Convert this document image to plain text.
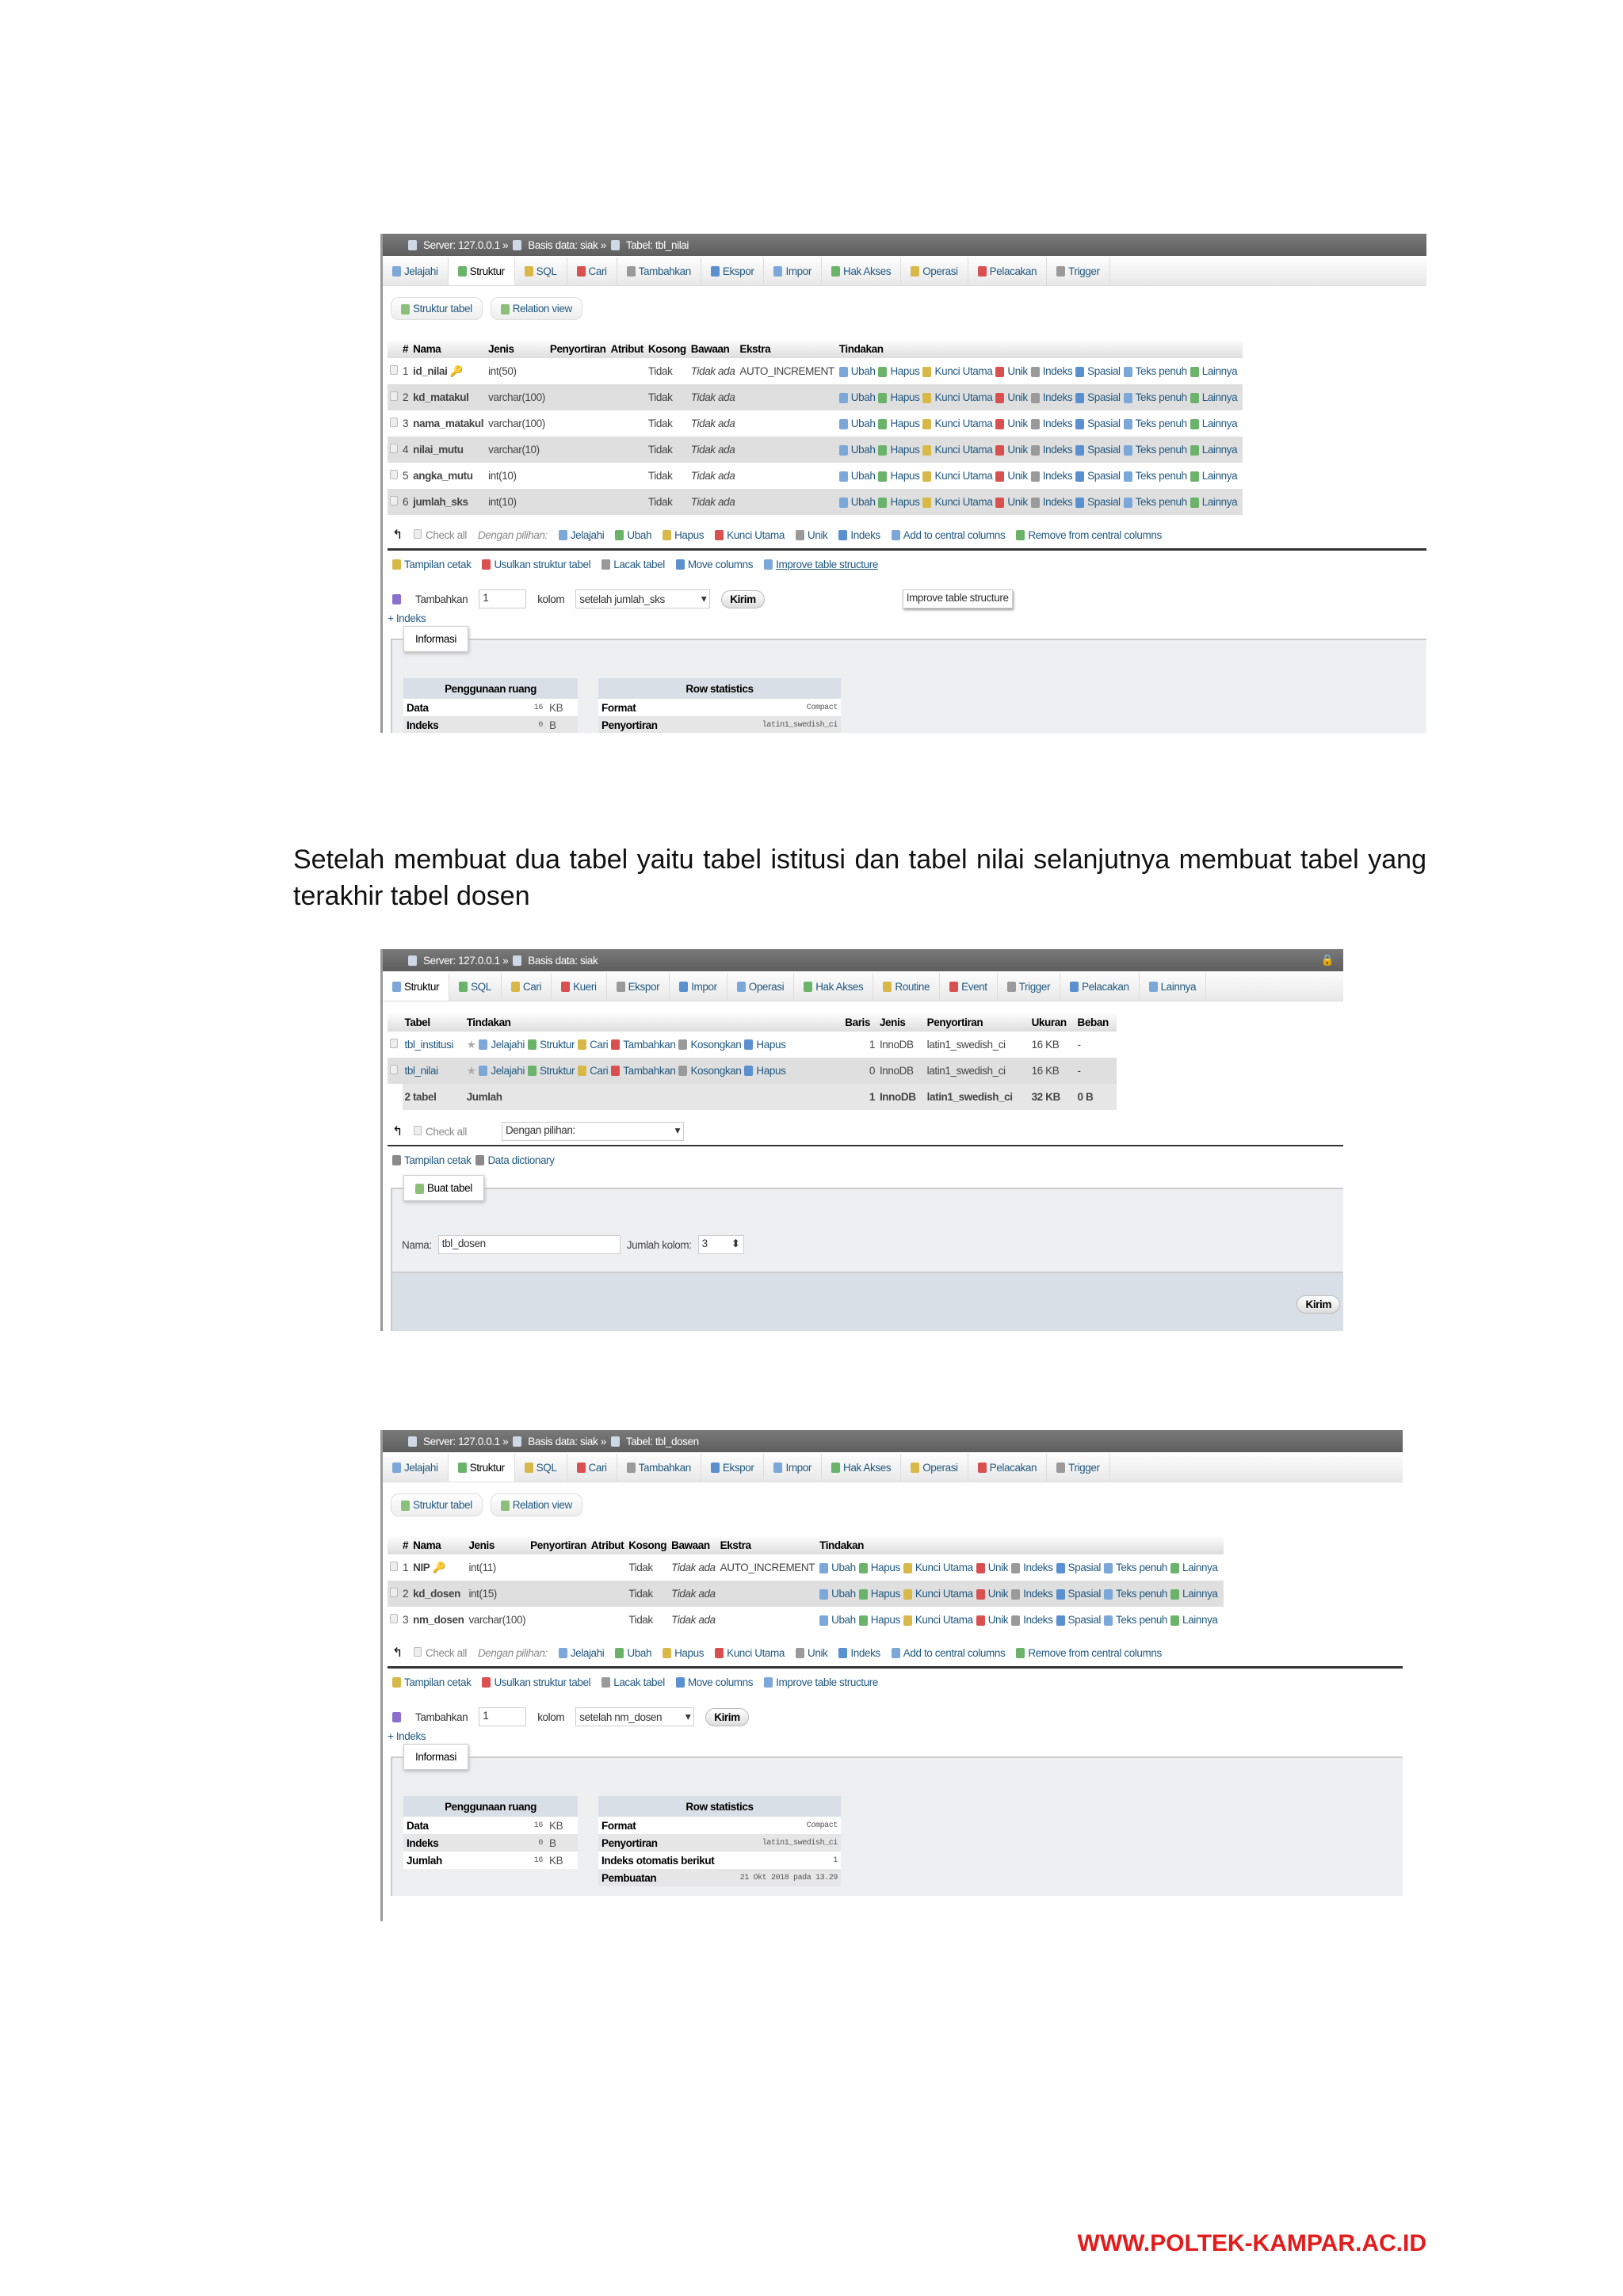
Server: 127.0.0.1 » Basis data: siak » Tabel: tbl_nilai
Jelajahi	Struktur	SQL	Cari	Tambahkan	Ekspor	Impor	Hak Akses	Operasi	Pelacakan	Trigger
Struktur tabel	Relation view
	#	Nama	Jenis	Penyortiran	Atribut	Kosong	Bawaan	Ekstra	Tindakan
	1	id_nilai 🔑	int(50)			Tidak	Tidak ada	AUTO_INCREMENT	Ubah Hapus Kunci Utama Unik Indeks Spasial Teks penuh Lainnya
	2	kd_matakul	varchar(100)			Tidak	Tidak ada		Ubah Hapus Kunci Utama Unik Indeks Spasial Teks penuh Lainnya
	3	nama_matakul	varchar(100)			Tidak	Tidak ada		Ubah Hapus Kunci Utama Unik Indeks Spasial Teks penuh Lainnya
	4	nilai_mutu	varchar(10)			Tidak	Tidak ada		Ubah Hapus Kunci Utama Unik Indeks Spasial Teks penuh Lainnya
	5	angka_mutu	int(10)			Tidak	Tidak ada		Ubah Hapus Kunci Utama Unik Indeks Spasial Teks penuh Lainnya
	6	jumlah_sks	int(10)			Tidak	Tidak ada		Ubah Hapus Kunci Utama Unik Indeks Spasial Teks penuh Lainnya
↰	Check all Dengan pilihan:	Jelajahi	Ubah	Hapus	Kunci Utama	Unik	Indeks	Add to central columns	Remove from central columns
Tampilan cetak	Usulkan struktur tabel	Lacak tabel	Move columns	Improve table structure
Tambahkan	1	kolom setelah jumlah_sks	▾	Kirim	Improve table structure
+ Indeks
Informasi
Penggunaan ruang		
Data	16	KB
Indeks	0	B
Row statistics	
Format	Compact
Penyortiran	latin1_swedish_ci

Setelah membuat dua tabel yaitu tabel istitusi dan tabel nilai selanjutnya membuat tabel yang terakhir tabel dosen

Server: 127.0.0.1 » Basis data: siak	🔒
Struktur	SQL	Cari	Kueri	Ekspor	Impor	Operasi	Hak Akses	Routine	Event	Trigger	Pelacakan	Lainnya
	Tabel	Tindakan	Baris	Jenis	Penyortiran	Ukuran	Beban
	tbl_institusi	★ Jelajahi Struktur Cari Tambahkan Kosongkan Hapus	1	InnoDB	latin1_swedish_ci	16 KB	-
	tbl_nilai	★ Jelajahi Struktur Cari Tambahkan Kosongkan Hapus	0	InnoDB	latin1_swedish_ci	16 KB	-
	2 tabel	Jumlah	1	InnoDB	latin1_swedish_ci	32 KB	0 B
↰	Check all	Dengan pilihan:	▾
Tampilan cetak	Data dictionary
Buat tabel
Nama: tbl_dosen	Jumlah kolom: 3 ⬍
Kirim
Server: 127.0.0.1 » Basis data: siak » Tabel: tbl_dosen
Jelajahi	Struktur	SQL	Cari	Tambahkan	Ekspor	Impor	Hak Akses	Operasi	Pelacakan	Trigger
Struktur tabel	Relation view
	#	Nama	Jenis	Penyortiran	Atribut	Kosong	Bawaan	Ekstra	Tindakan
	1	NIP 🔑	int(11)			Tidak	Tidak ada	AUTO_INCREMENT	Ubah Hapus Kunci Utama Unik Indeks Spasial Teks penuh Lainnya
	2	kd_dosen	int(15)			Tidak	Tidak ada		Ubah Hapus Kunci Utama Unik Indeks Spasial Teks penuh Lainnya
	3	nm_dosen	varchar(100)			Tidak	Tidak ada		Ubah Hapus Kunci Utama Unik Indeks Spasial Teks penuh Lainnya
↰	Check all Dengan pilihan:	Jelajahi	Ubah	Hapus	Kunci Utama	Unik	Indeks	Add to central columns	Remove from central columns
Tampilan cetak	Usulkan struktur tabel	Lacak tabel	Move columns	Improve table structure
Tambahkan	1	kolom setelah nm_dosen ▾	Kirim
+ Indeks
Informasi
Penggunaan ruang		
Data	16	KB
Indeks	0	B
Jumlah	16	KB
Row statistics	
Format	Compact
Penyortiran	latin1_swedish_ci
Indeks otomatis berikut	1
Pembuatan	21 Okt 2018 pada 13.29
WWW.POLTEK-KAMPAR.AC.ID
